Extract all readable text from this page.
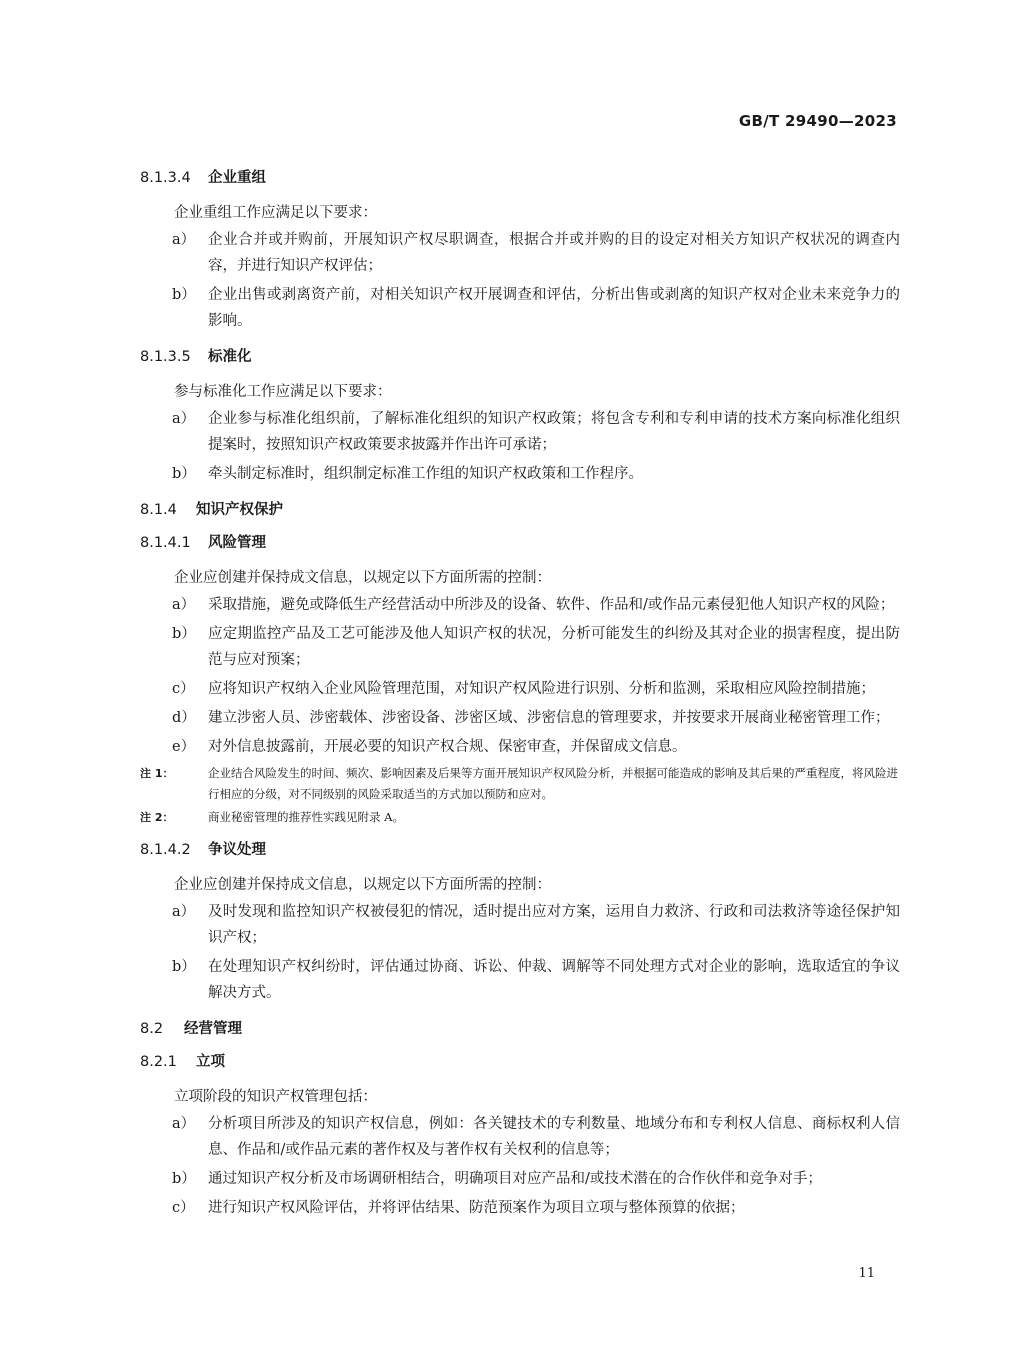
GB/T 29490—2023
8.1.3.4 企业重组
企业重组工作应满足以下要求：
a） 企业合并或并购前，开展知识产权尽职调查，根据合并或并购的目的设定对相关方知识产权状况的调查内容，并进行知识产权评估；
b） 企业出售或剥离资产前，对相关知识产权开展调查和评估，分析出售或剥离的知识产权对企业未来竞争力的影响。
8.1.3.5 标准化
参与标准化工作应满足以下要求：
a） 企业参与标准化组织前，了解标准化组织的知识产权政策；将包含专利和专利申请的技术方案向标准化组织提案时，按照知识产权政策要求披露并作出许可承诺；
b） 牵头制定标准时，组织制定标准工作组的知识产权政策和工作程序。
8.1.4 知识产权保护
8.1.4.1 风险管理
企业应创建并保持成文信息，以规定以下方面所需的控制：
a） 采取措施，避免或降低生产经营活动中所涉及的设备、软件、作品和/或作品元素侵犯他人知识产权的风险；
b） 应定期监控产品及工艺可能涉及他人知识产权的状况，分析可能发生的纠纷及其对企业的损害程度，提出防范与应对预案；
c） 应将知识产权纳入企业风险管理范围，对知识产权风险进行识别、分析和监测，采取相应风险控制措施；
d） 建立涉密人员、涉密载体、涉密设备、涉密区域、涉密信息的管理要求，并按要求开展商业秘密管理工作；
e） 对外信息披露前，开展必要的知识产权合规、保密审查，并保留成文信息。
注 1：	企业结合风险发生的时间、频次、影响因素及后果等方面开展知识产权风险分析，并根据可能造成的影响及其后果的严重程度，将风险进行相应的分级，对不同级别的风险采取适当的方式加以预防和应对。
注 2：	商业秘密管理的推荐性实践见附录 A。
8.1.4.2 争议处理
企业应创建并保持成文信息，以规定以下方面所需的控制：
a） 及时发现和监控知识产权被侵犯的情况，适时提出应对方案，运用自力救济、行政和司法救济等途径保护知识产权；
b） 在处理知识产权纠纷时，评估通过协商、诉讼、仲裁、调解等不同处理方式对企业的影响，选取适宜的争议解决方式。
8.2 经营管理
8.2.1 立项
立项阶段的知识产权管理包括：
a） 分析项目所涉及的知识产权信息，例如：各关键技术的专利数量、地域分布和专利权人信息、商标权利人信息、作品和/或作品元素的著作权及与著作权有关权利的信息等；
b） 通过知识产权分析及市场调研相结合，明确项目对应产品和/或技术潜在的合作伙伴和竞争对手；
c） 进行知识产权风险评估，并将评估结果、防范预案作为项目立项与整体预算的依据；
11
